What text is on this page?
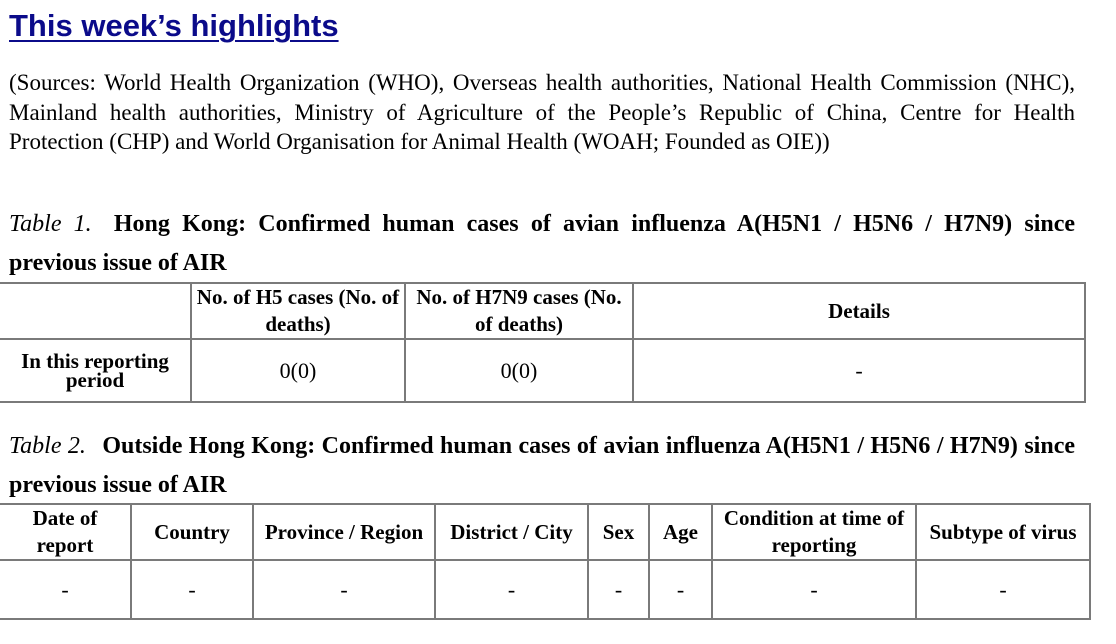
This week’s highlights

(Sources: World Health Organization (WHO), Overseas health authorities, National Health Commission (NHC), Mainland health authorities, Ministry of Agriculture of the People’s Republic of China, Centre for Health Protection (CHP) and World Organisation for Animal Health (WOAH; Founded as OIE))

Table 1. Hong Kong: Confirmed human cases of avian influenza A(H5N1 / H5N6 / H7N9) since previous issue of AIR

	No. of H5 cases (No. of deaths)	No. of H7N9 cases (No. of deaths)	Details
In this reporting period	0(0)	0(0)	-

Table 2. Outside Hong Kong: Confirmed human cases of avian influenza A(H5N1 / H5N6 / H7N9) since previous issue of AIR

Date of report	Country	Province / Region	District / City	Sex	Age	Condition at time of reporting	Subtype of virus
-	-	-	-	-	-	-	-
